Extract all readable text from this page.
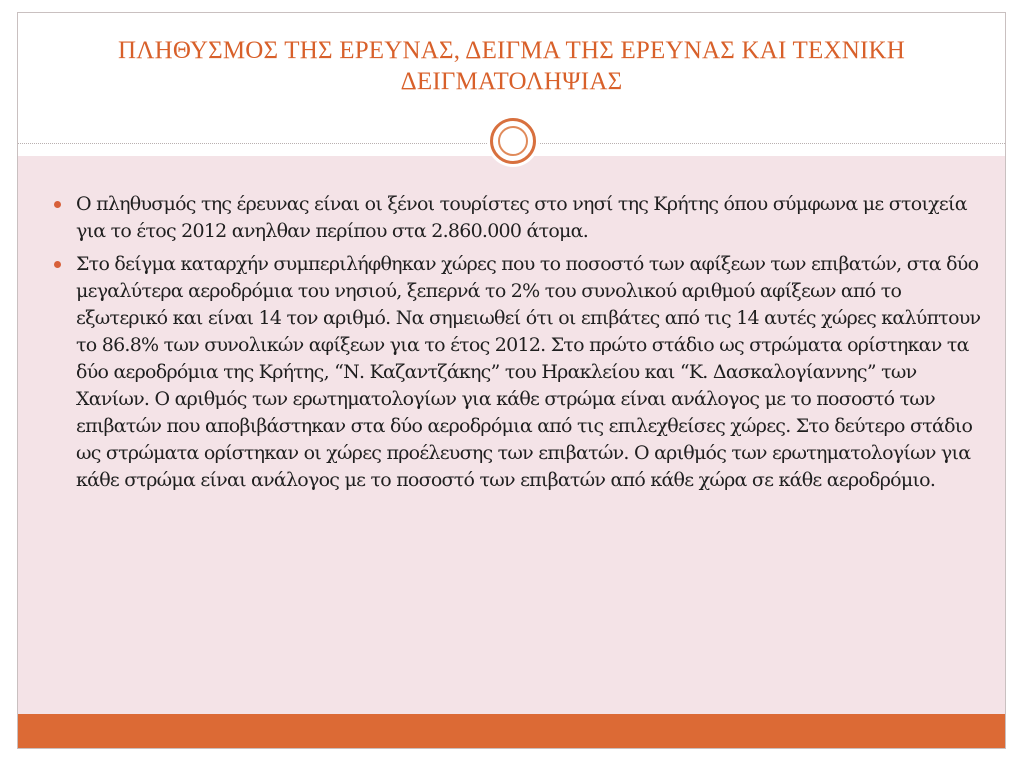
ΠΛΗΘΥΣΜΟΣ ΤΗΣ ΕΡΕΥΝΑΣ, ΔΕΙΓΜΑ ΤΗΣ ΕΡΕΥΝΑΣ ΚΑΙ ΤΕΧΝΙΚΗ ΔΕΙΓΜΑΤΟΛΗΨΙΑΣ
Ο πληθυσμός της έρευνας είναι οι ξένοι τουρίστες στο νησί της Κρήτης όπου σύμφωνα με στοιχεία για το έτος 2012 ανηλθαν περίπου στα 2.860.000 άτομα.
Στο δείγμα καταρχήν συμπεριλήφθηκαν χώρες που το ποσοστό των αφίξεων των επιβατών, στα δύο μεγαλύτερα αεροδρόμια του νησιού, ξεπερνά το 2% του συνολικού αριθμού αφίξεων από το εξωτερικό και είναι 14 τον αριθμό. Να σημειωθεί ότι οι επιβάτες από τις 14 αυτές χώρες καλύπτουν το 86.8% των συνολικών αφίξεων για το έτος 2012. Στο πρώτο στάδιο ως στρώματα ορίστηκαν τα δύο αεροδρόμια της Κρήτης, “Ν. Καζαντζάκης” του Ηρακλείου και “Κ. Δασκαλογίαννης” των Χανίων. Ο αριθμός των ερωτηματολογίων για κάθε στρώμα είναι ανάλογος με το ποσοστό των επιβατών που αποβιβάστηκαν στα δύο αεροδρόμια από τις επιλεχθείσες χώρες. Στο δεύτερο στάδιο ως στρώματα ορίστηκαν οι χώρες προέλευσης των επιβατών. Ο αριθμός των ερωτηματολογίων για κάθε στρώμα είναι ανάλογος με το ποσοστό των επιβατών από κάθε χώρα σε κάθε αεροδρόμιο.
